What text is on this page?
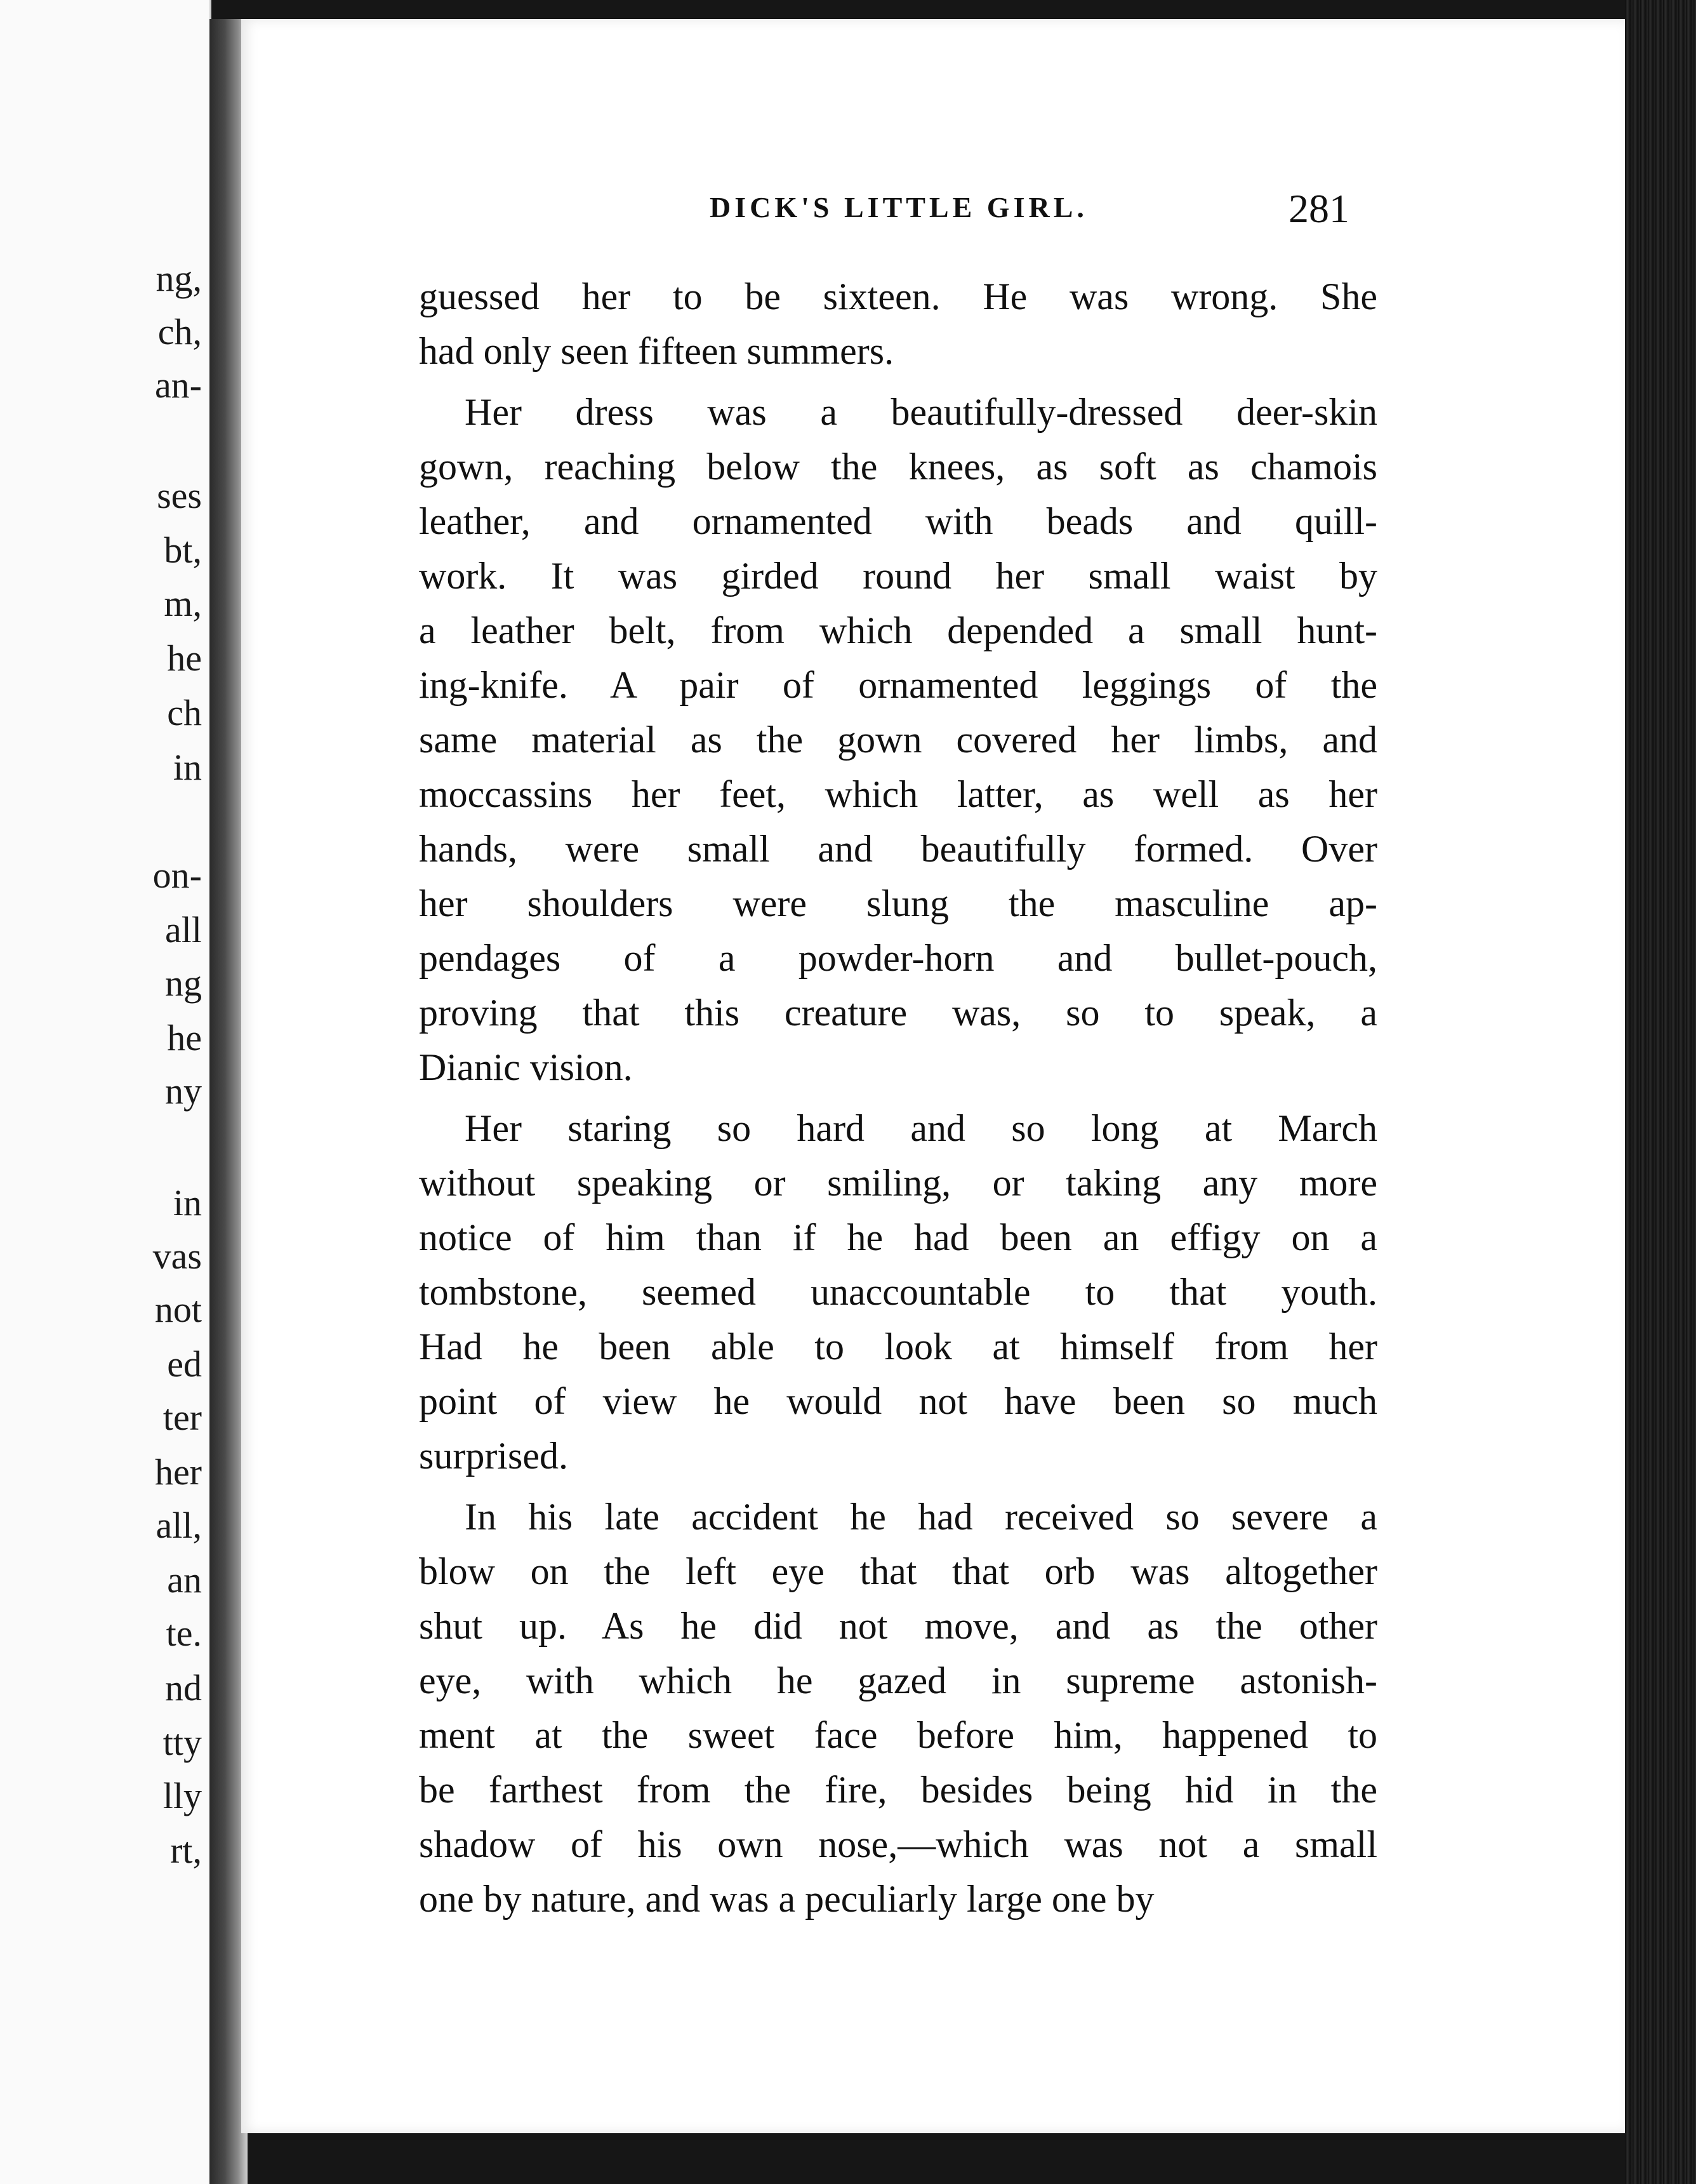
ng,
ch,
an-
ses
bt,
m,
he
ch
in
on-
all
ng
he
ny
in
vas
not
ed
ter
her
all,
an
te.
nd
tty
lly
rt,
DICK'S LITTLE GIRL.	281
guessed her to be sixteen. He was wrong. She
had only seen fifteen summers.
Her dress was a beautifully-dressed deer-skin
gown, reaching below the knees, as soft as chamois
leather, and ornamented with beads and quill-
work. It was girded round her small waist by
a leather belt, from which depended a small hunt-
ing-knife. A pair of ornamented leggings of the
same material as the gown covered her limbs, and
moccassins her feet, which latter, as well as her
hands, were small and beautifully formed. Over
her shoulders were slung the masculine ap-
pendages of a powder-horn and bullet-pouch,
proving that this creature was, so to speak, a
Dianic vision.
Her staring so hard and so long at March
without speaking or smiling, or taking any more
notice of him than if he had been an effigy on a
tombstone, seemed unaccountable to that youth.
Had he been able to look at himself from her
point of view he would not have been so much
surprised.
In his late accident he had received so severe a
blow on the left eye that that orb was altogether
shut up. As he did not move, and as the other
eye, with which he gazed in supreme astonish-
ment at the sweet face before him, happened to
be farthest from the fire, besides being hid in the
shadow of his own nose,—which was not a small
one by nature, and was a peculiarly large one by
